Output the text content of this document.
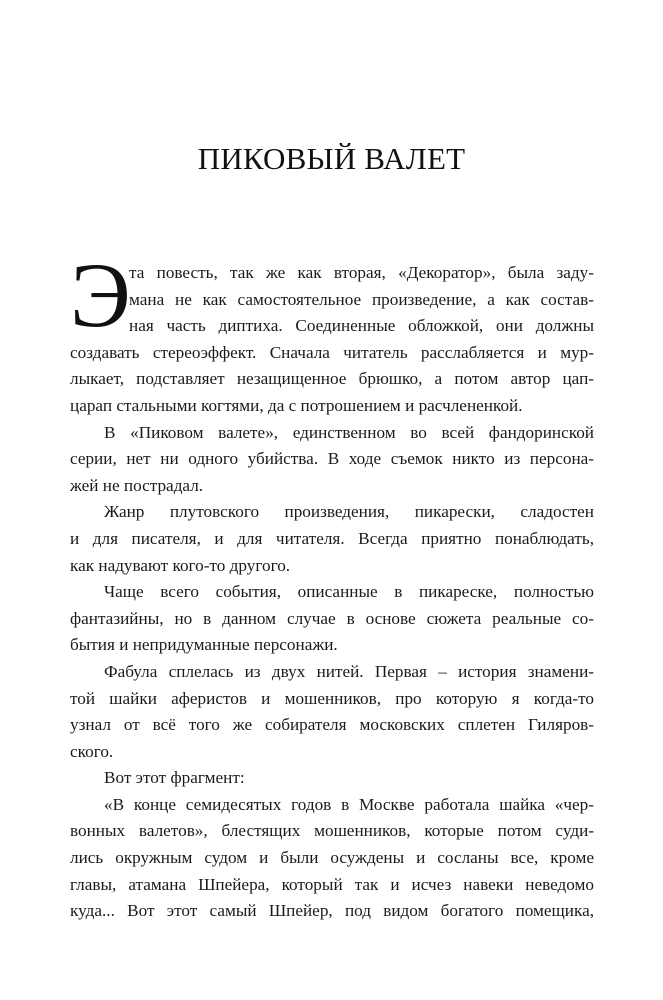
ПИКОВЫЙ ВАЛЕТ
Э
та повесть, так же как вторая, «Декоратор», была заду-
мана не как самостоятельное произведение, а как состав-
ная часть диптиха. Соединенные обложкой, они должны
создавать стереоэффект. Сначала читатель расслабляется и мур-
лыкает, подставляет незащищенное брюшко, а потом автор цап-
царап стальными когтями, да с потрошением и расчлененкой.
В «Пиковом валете», единственном во всей фандоринской
серии, нет ни одного убийства. В ходе съемок никто из персона-
жей не пострадал.
Жанр плутовского произведения, пикарески, сладостен
и для писателя, и для читателя. Всегда приятно понаблюдать,
как надувают кого-то другого.
Чаще всего события, описанные в пикареске, полностью
фантазийны, но в данном случае в основе сюжета реальные со-
бытия и непридуманные персонажи.
Фабула сплелась из двух нитей. Первая – история знамени-
той шайки аферистов и мошенников, про которую я когда-то
узнал от всё того же собирателя московских сплетен Гиляров-
ского.
Вот этот фрагмент:
«В конце семидесятых годов в Москве работала шайка «чер-
вонных валетов», блестящих мошенников, которые потом суди-
лись окружным судом и были осуждены и сосланы все, кроме
главы, атамана Шпейера, который так и исчез навеки неведомо
куда... Вот этот самый Шпейер, под видом богатого помещика,
